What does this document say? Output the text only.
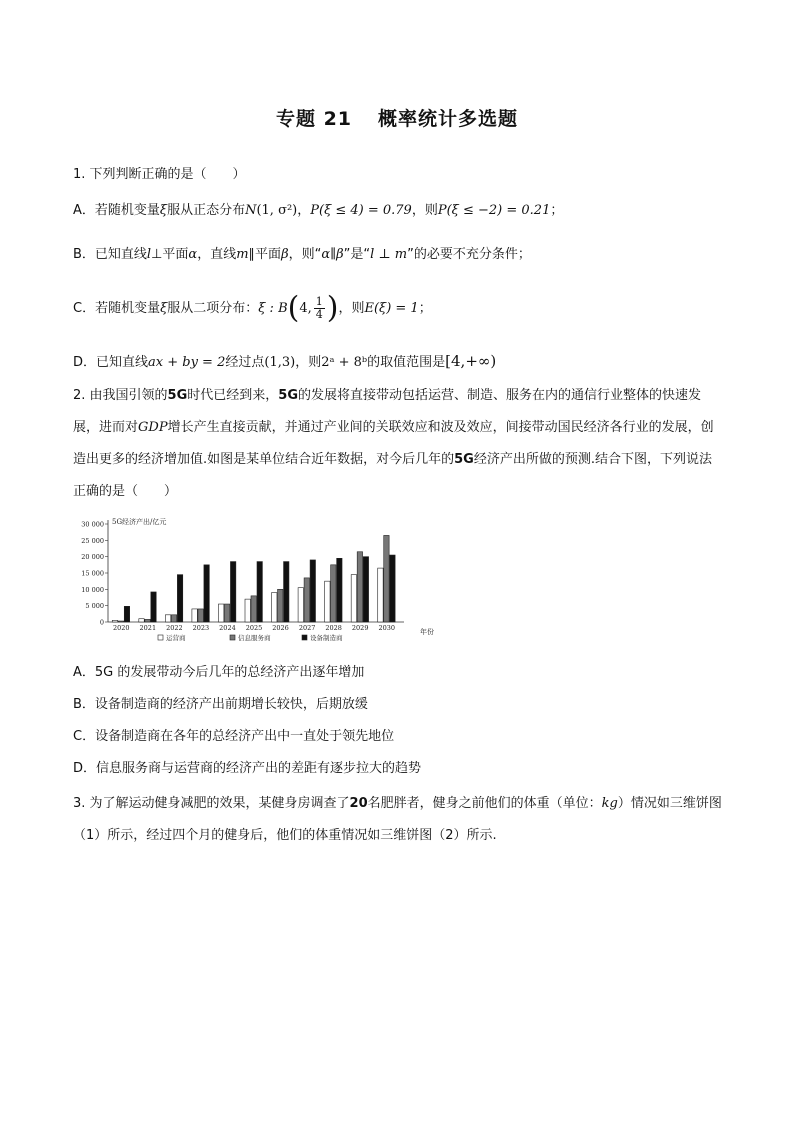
专题 21 概率统计多选题
1. 下列判断正确的是（　　）
A．若随机变量ξ服从正态分布N(1, σ²)，P(ξ ≤ 4) = 0.79，则P(ξ ≤ −2) = 0.21；
B．已知直线l⊥平面α，直线m∥平面β，则“α∥β”是“l ⊥ m”的必要不充分条件；
C．若随机变量ξ服从二项分布：ξ : B(4, $\frac{1}{4}$ )，则E(ξ) = 1；
D．已知直线ax + by = 2经过点(1,3)，则2ᵃ + 8ᵇ的取值范围是[4,+∞)
2. 由我国引领的5G时代已经到来，5G的发展将直接带动包括运营、制造、服务在内的通信行业整体的快速发展，进而对GDP增长产生直接贡献，并通过产业间的关联效应和波及效应，间接带动国民经济各行业的发展，创造出更多的经济增加值.如图是某单位结合近年数据，对今后几年的5G经济产出所做的预测.结合下图，下列说法正确的是（　　）
0
5 000
10 000
15 000
20 000
25 000
30 000 5G经济产出/亿元
2020 2021 2022 2023 2024 2025 2026 2027 2028 2029 2030	年份
运营商	信息服务商	设备制造商
A．5G 的发展带动今后几年的总经济产出逐年增加
B．设备制造商的经济产出前期增长较快，后期放缓
C．设备制造商在各年的总经济产出中一直处于领先地位
D．信息服务商与运营商的经济产出的差距有逐步拉大的趋势
3. 为了解运动健身减肥的效果，某健身房调查了20名肥胖者，健身之前他们的体重（单位：kg）情况如三维饼图（1）所示，经过四个月的健身后，他们的体重情况如三维饼图（2）所示.
